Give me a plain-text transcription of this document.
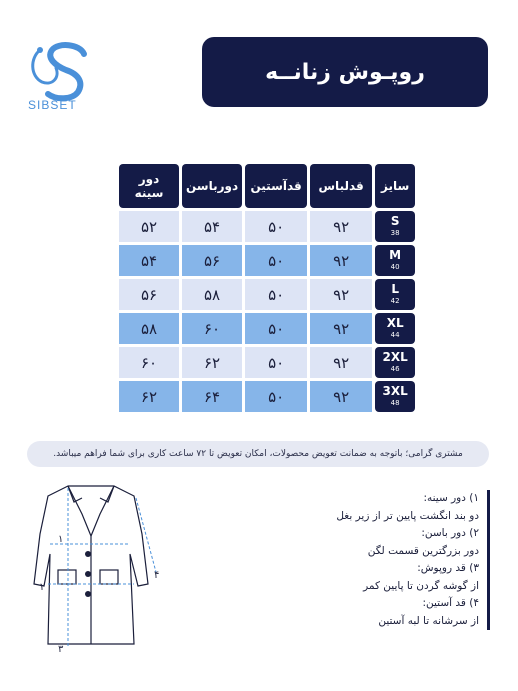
SIBSET
روپـوش زنانــه
سایز	قدلباس	قدآستین	دورباسن	دور سینه

S
38	۹۲	۵۰	۵۴	۵۲

M
40	۹۲	۵۰	۵۶	۵۴

L
42	۹۲	۵۰	۵۸	۵۶

XL
44	۹۲	۵۰	۶۰	۵۸

2XL
46	۹۲	۵۰	۶۲	۶۰

3XL
48	۹۲	۵۰	۶۴	۶۲
مشتری گرامی؛ باتوجه به ضمانت تعویض محصولات، امکان تعویض تا ۷۲ ساعت کاری برای شما فراهم میباشد.
۱
۲
۳
۴
۱) دور سینه:
دو بند انگشت پایین تر از زیر بغل
۲) دور باسن:
دور بزرگترین قسمت لگن
۳) قد روپوش:
از گوشه گردن تا پایین کمر
۴) قد آستین:
از سرشانه تا لبه آستین
